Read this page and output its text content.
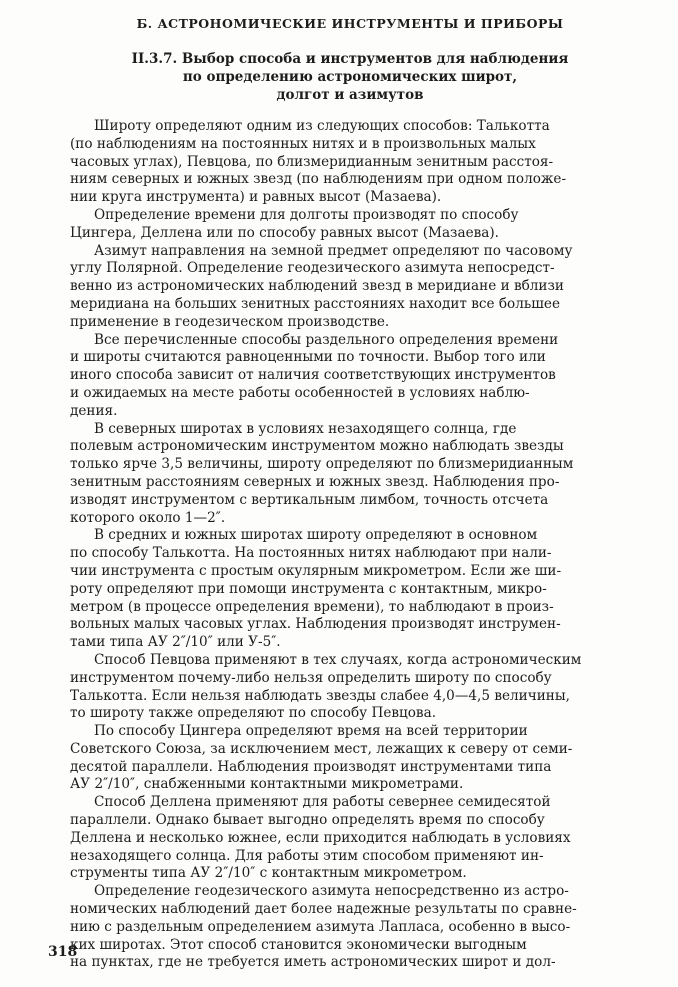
Б. АСТРОНОМИЧЕСКИЕ ИНСТРУМЕНТЫ И ПРИБОРЫ
II.3.7. Выбор способа и инструментов для наблюдения
по определению астрономических широт,
долгот и азимутов

Широту определяют одним из следующих способов: Талькотта
(по наблюдениям на постоянных нитях и в произвольных малых
часовых углах), Певцова, по близмеридианным зенитным расстоя-
ниям северных и южных звезд (по наблюдениям при одном положе-
нии круга инструмента) и равных высот (Мазаева).

Определение времени для долготы производят по способу
Цингера, Деллена или по способу равных высот (Мазаева).

Азимут направления на земной предмет определяют по часовому
углу Полярной. Определение геодезического азимута непосредст-
венно из астрономических наблюдений звезд в меридиане и вблизи
меридиана на больших зенитных расстояниях находит все большее
применение в геодезическом производстве.

Все перечисленные способы раздельного определения времени
и широты считаются равноценными по точности. Выбор того или
иного способа зависит от наличия соответствующих инструментов
и ожидаемых на месте работы особенностей в условиях наблю-
дения.

В северных широтах в условиях незаходящего солнца, где
полевым астрономическим инструментом можно наблюдать звезды
только ярче 3,5 величины, широту определяют по близмеридианным
зенитным расстояниям северных и южных звезд. Наблюдения про-
изводят инструментом с вертикальным лимбом, точность отсчета
которого около 1—2″.

В средних и южных широтах широту определяют в основном
по способу Талькотта. На постоянных нитях наблюдают при нали-
чии инструмента с простым окулярным микрометром. Если же ши-
роту определяют при помощи инструмента с контактным, микро-
метром (в процессе определения времени), то наблюдают в произ-
вольных малых часовых углах. Наблюдения производят инструмен-
тами типа АУ 2″/10″ или У-5″.

Способ Певцова применяют в тех случаях, когда астрономическим
инструментом почему-либо нельзя определить широту по способу
Талькотта. Если нельзя наблюдать звезды слабее 4,0—4,5 величины,
то широту также определяют по способу Певцова.

По способу Цингера определяют время на всей территории
Советского Союза, за исключением мест, лежащих к северу от семи-
десятой параллели. Наблюдения производят инструментами типа
АУ 2″/10″, снабженными контактными микрометрами.

Способ Деллена применяют для работы севернее семидесятой
параллели. Однако бывает выгодно определять время по способу
Деллена и несколько южнее, если приходится наблюдать в условиях
незаходящего солнца. Для работы этим способом применяют ин-
струменты типа АУ 2″/10″ с контактным микрометром.

Определение геодезического азимута непосредственно из астро-
номических наблюдений дает более надежные результаты по сравне-
нию с раздельным определением азимута Лапласа, особенно в высо-
ких широтах. Этот способ становится экономически выгодным
на пунктах, где не требуется иметь астрономических широт и дол-

318
